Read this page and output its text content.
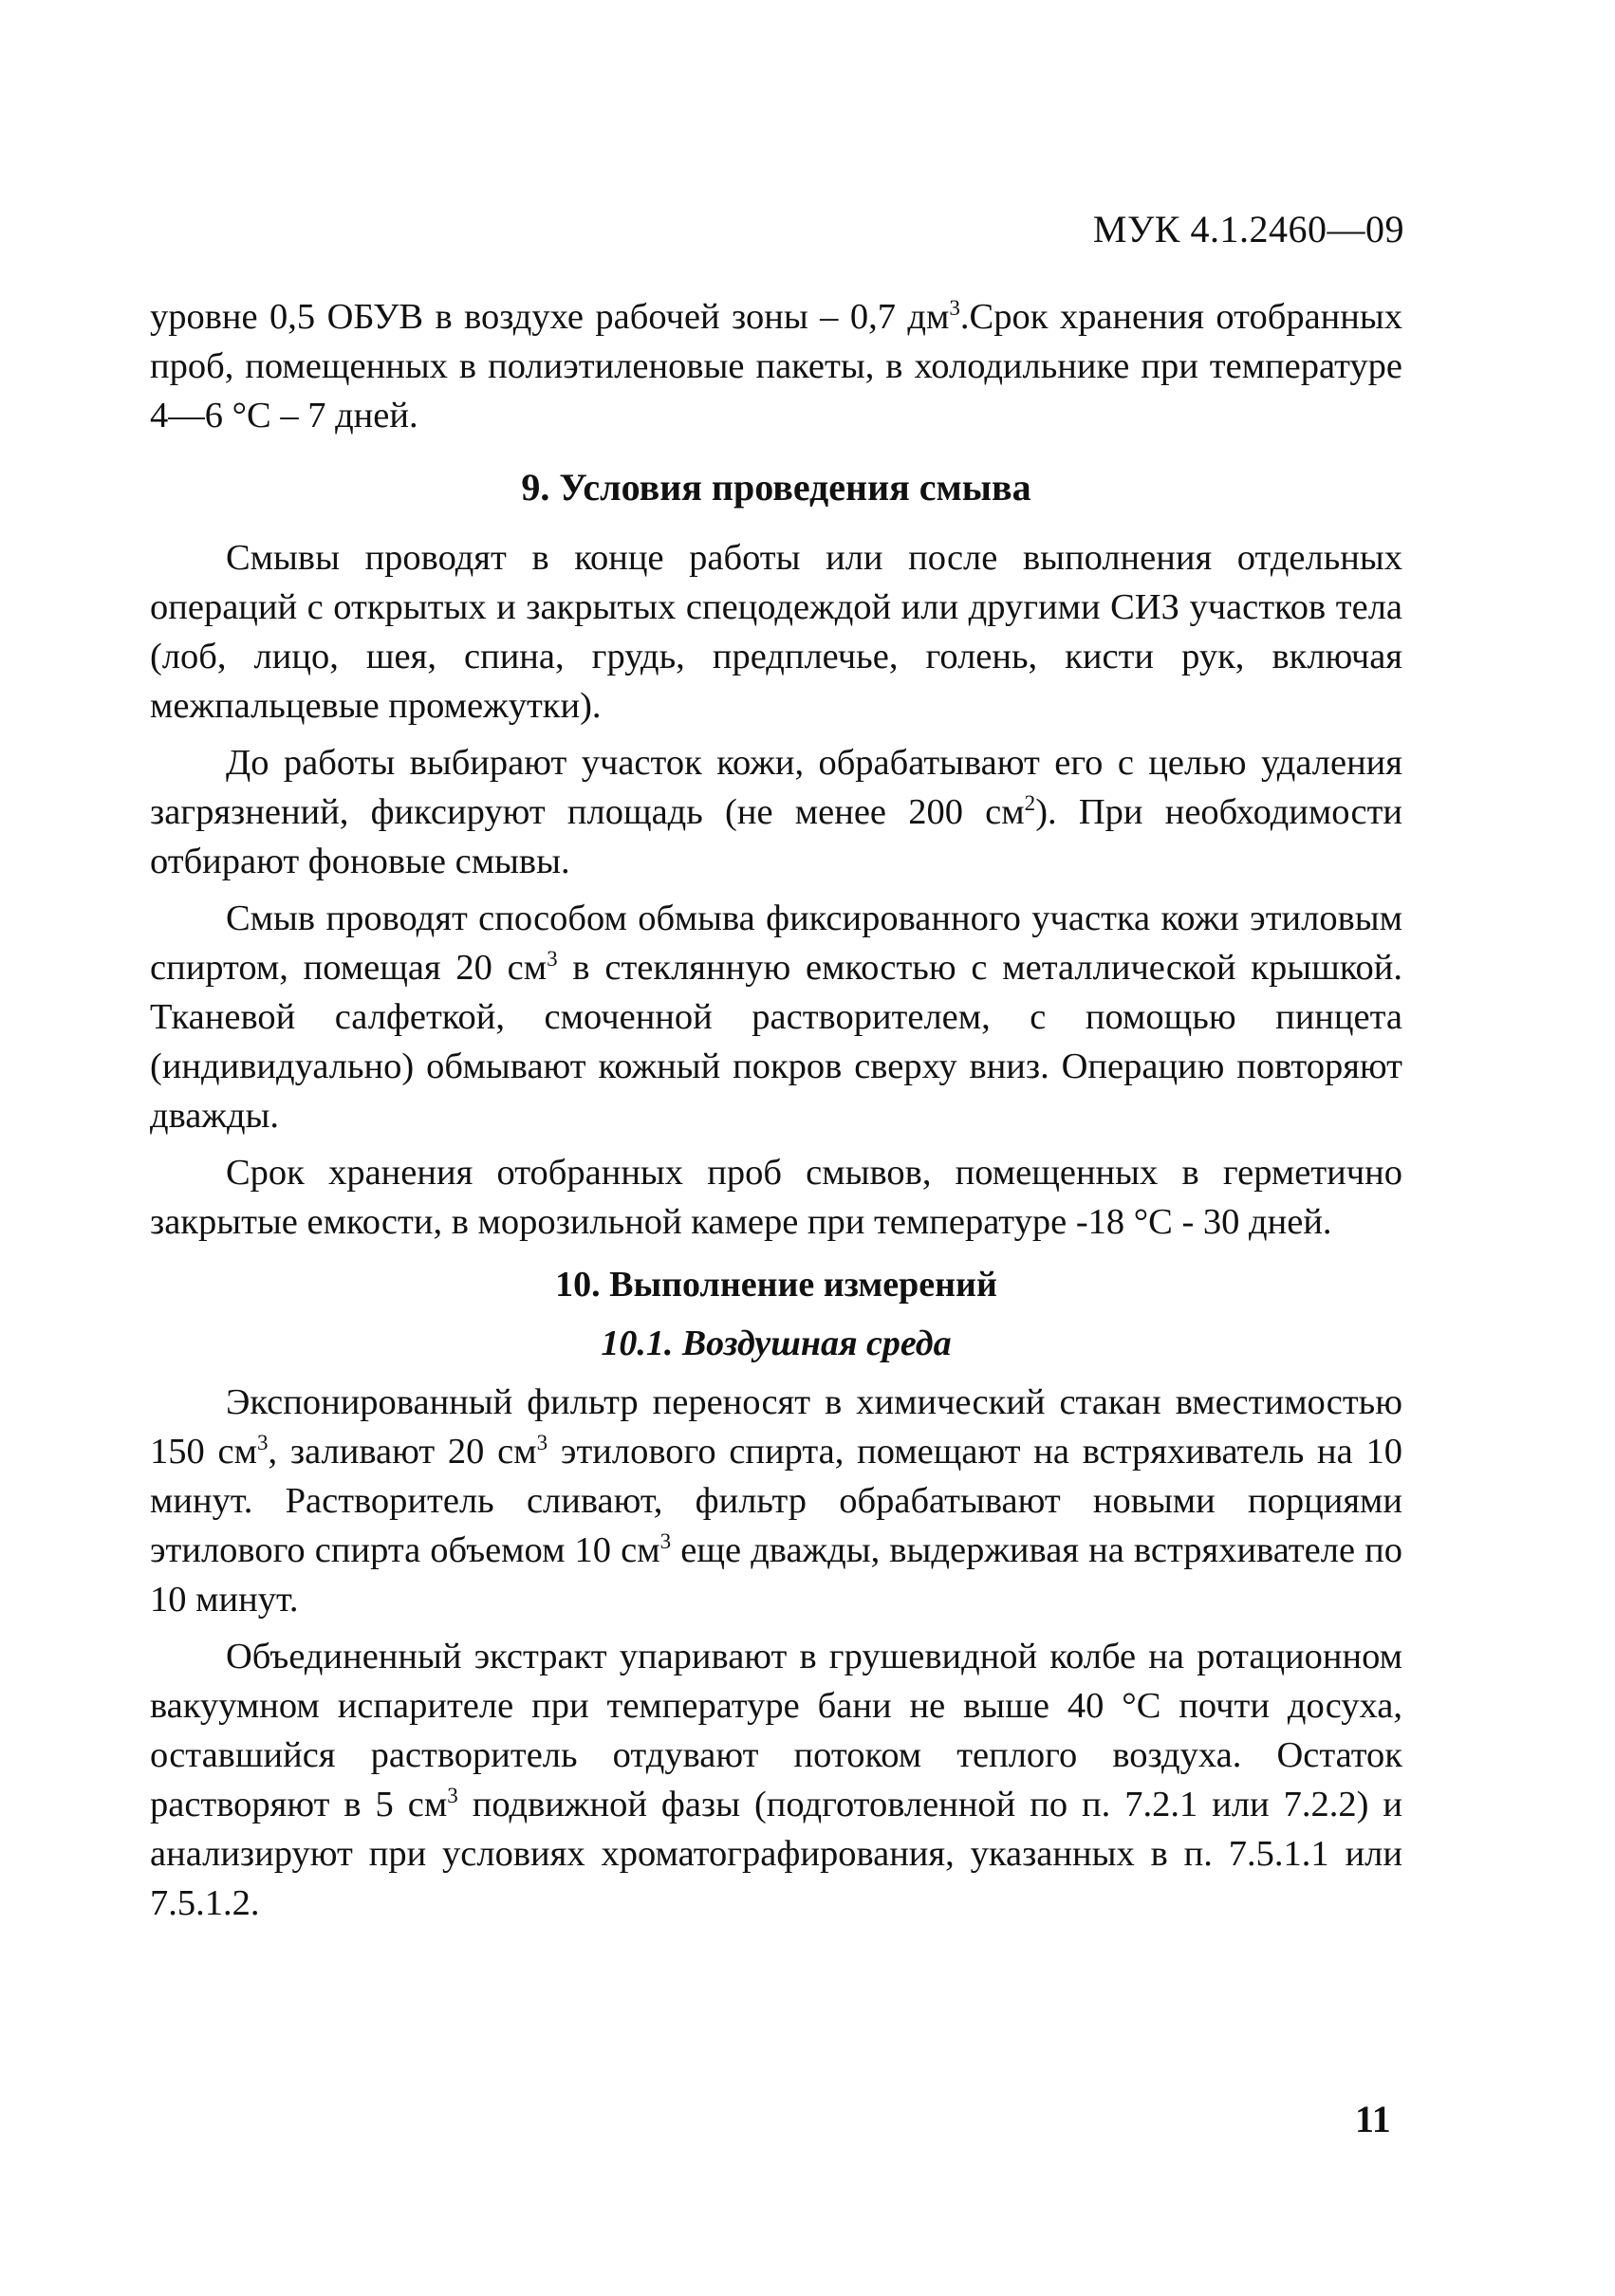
МУК 4.1.2460—09

уровне 0,5 ОБУВ в воздухе рабочей зоны – 0,7 $дм^3.Срок$ хранения отобранных проб, помещенных в полиэтиленовые пакеты, в холодильнике при температуре 4—6 °С – 7 дней.

9. Условия проведения смыва

Смывы проводят в конце работы или после выполнения отдельных операций с открытых и закрытых спецодеждой или другими СИЗ участков тела (лоб, лицо, шея, спина, грудь, предплечье, голень, кисти рук, включая межпальцевые промежутки).

До работы выбирают участок кожи, обрабатывают его с целью удаления загрязнений, фиксируют площадь (не менее 200 $см^2$). При необходимости отбирают фоновые смывы.

Смыв проводят способом обмыва фиксированного участка кожи этиловым спиртом, помещая 20 $см^3$ в стеклянную емкостью с металлической крышкой. Тканевой салфеткой, смоченной растворителем, с помощью пинцета (индивидуально) обмывают кожный покров сверху вниз. Операцию повторяют дважды.

Срок хранения отобранных проб смывов, помещенных в герметично закрытые емкости, в морозильной камере при температуре -18 °С - 30 дней.

10. Выполнение измерений
10.1. Воздушная среда

Экспонированный фильтр переносят в химический стакан вместимостью 150 $см^3$, заливают 20 $см^3$ этилового спирта, помещают на встряхиватель на 10 минут. Растворитель сливают, фильтр обрабатывают новыми порциями этилового спирта объемом 10 $см^3$ еще дважды, выдерживая на встряхивателе по 10 минут.

Объединенный экстракт упаривают в грушевидной колбе на ротационном вакуумном испарителе при температуре бани не выше 40 °С почти досуха, оставшийся растворитель отдувают потоком теплого воздуха. Остаток растворяют в 5 $см^3$ подвижной фазы (подготовленной по п. 7.2.1 или 7.2.2) и анализируют при условиях хроматографирования, указанных в п. 7.5.1.1 или 7.5.1.2.

11
